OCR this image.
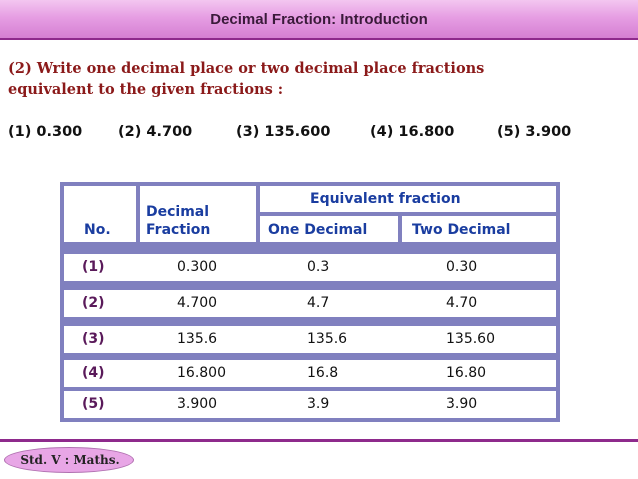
Decimal Fraction: Introduction
(2) Write one decimal place or two decimal place fractions
equivalent to the given fractions :
(1) 0.300 (2) 4.700	(3) 135.600	(4) 16.800	(5) 3.900
No.
Decimal
Fraction
Equivalent fraction
One Decimal	Two Decimal
(1)	0.300	0.3	0.30
(2)	4.700	4.7	4.70
(3)	135.6	135.6	135.60
(4)	16.800	16.8	16.80
(5)	3.900	3.9	3.90
Std. V : Maths.
